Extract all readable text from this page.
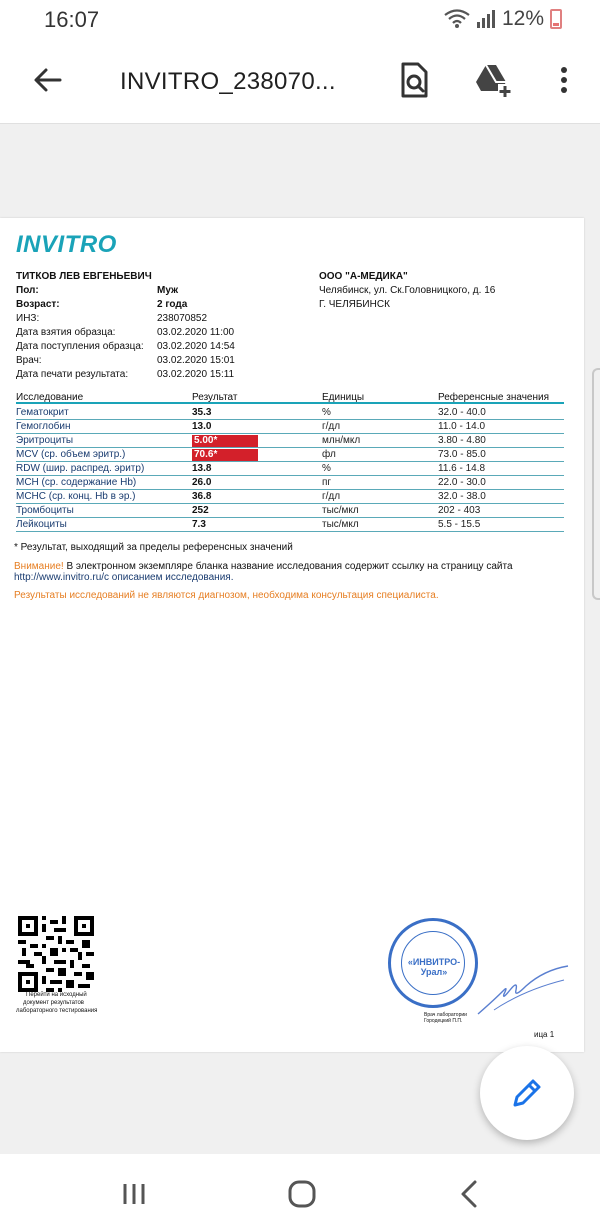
16:07	12%
INVITRO_238070...
INVITRO
ТИТКОВ ЛЕВ ЕВГЕНЬЕВИЧ
Пол:	Муж
Возраст:	2 года
ИНЗ:	238070852
Дата взятия образца:	03.02.2020 11:00
Дата поступления образца: 03.02.2020 14:54
Врач:	03.02.2020 15:01
Дата печати результата:	03.02.2020 15:11
ООО "А-МЕДИКА"
Челябинск, ул. Ск.Головницкого, д. 16
Г. ЧЕЛЯБИНСК
Исследование	Результат	Единицы	Референсные значения
Гематокрит	35.3	%	32.0 - 40.0
Гемоглобин	13.0	г/дл	11.0 - 14.0
Эритроциты	5.00*	млн/мкл	3.80 - 4.80
MCV (ср. объем эритр.)	70.6*	фл	73.0 - 85.0
RDW (шир. распред. эритр)	13.8	%	11.6 - 14.8
MCH (ср. содержание Hb)	26.0	пг	22.0 - 30.0
MCHC (ср. конц. Hb в эр.)	36.8	г/дл	32.0 - 38.0
Тромбоциты	252	тыс/мкл	202 - 403
Лейкоциты	7.3	тыс/мкл	5.5 - 15.5
* Результат, выходящий за пределы референсных значений
Внимание! В электронном экземпляре бланка название исследования содержит ссылку на страницу сайта
http://www.invitro.ru/c описанием исследования.
Результаты исследований не являются диагнозом, необходима консультация специалиста.
Перейти на исходный
документ результатов
лабораторного тестирования
«ИНВИТРО-Урал»
Врач лаборатории
Городецкий П.П.
ица 1
